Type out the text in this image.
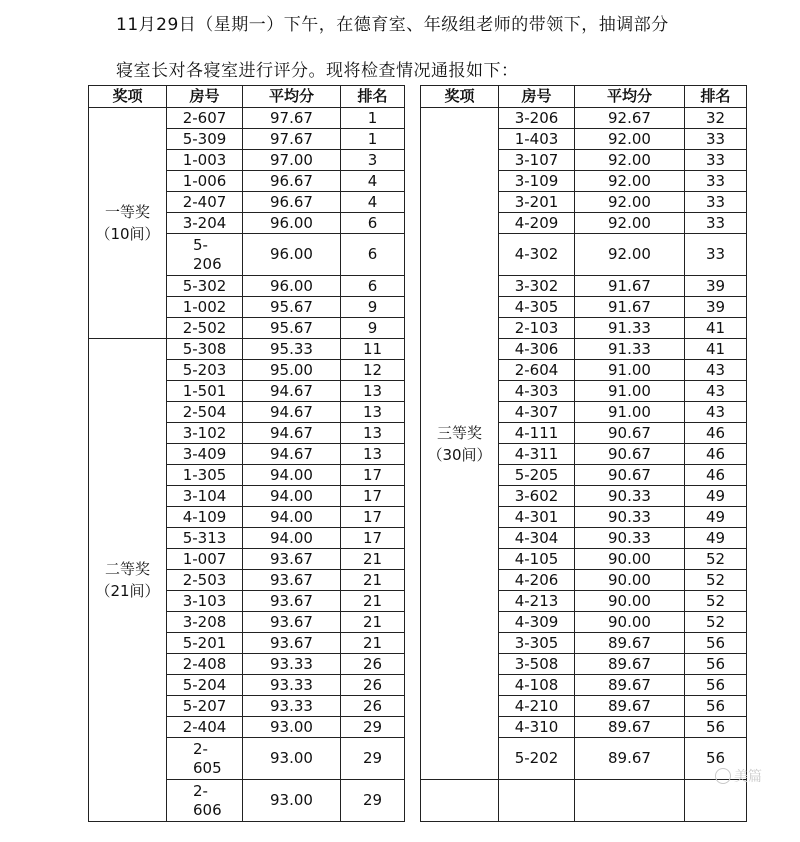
11月29日（星期一）下午，在德育室、年级组老师的带领下，抽调部分
寝室长对各寝室进行评分。现将检查情况通报如下：
奖项	房号	平均分	排名

一等奖
（10间）	2-607	97.67	1
	5-309	97.67	1
	1-003	97.00	3
	1-006	96.67	4
	2-407	96.67	4
	3-204	96.00	6

	5-
206	96.00	6
	5-302	96.00	6
	1-002	95.67	9
	2-502	95.67	9

二等奖
（21间）	5-308	95.33	11
	5-203	95.00	12
	1-501	94.67	13
	2-504	94.67	13
	3-102	94.67	13
	3-409	94.67	13
	1-305	94.00	17
	3-104	94.00	17
	4-109	94.00	17
	5-313	94.00	17
	1-007	93.67	21
	2-503	93.67	21
	3-103	93.67	21
	3-208	93.67	21
	5-201	93.67	21
	2-408	93.33	26
	5-204	93.33	26
	5-207	93.33	26
	2-404	93.00	29

	2-
605	93.00	29

	2-
606	93.00	29
奖项	房号	平均分	排名

三等奖
（30间）	3-206	92.67	32
	1-403	92.00	33
	3-107	92.00	33
	3-109	92.00	33
	3-201	92.00	33
	4-209	92.00	33
	4-302	92.00	33
	3-302	91.67	39
	4-305	91.67	39
	2-103	91.33	41
	4-306	91.33	41
	2-604	91.00	43
	4-303	91.00	43
	4-307	91.00	43
	4-111	90.67	46
	4-311	90.67	46
	5-205	90.67	46
	3-602	90.33	49
	4-301	90.33	49
	4-304	90.33	49
	4-105	90.00	52
	4-206	90.00	52
	4-213	90.00	52
	4-309	90.00	52
	3-305	89.67	56
	3-508	89.67	56
	4-108	89.67	56
	4-210	89.67	56
	4-310	89.67	56
	5-202	89.67	56

美篇
